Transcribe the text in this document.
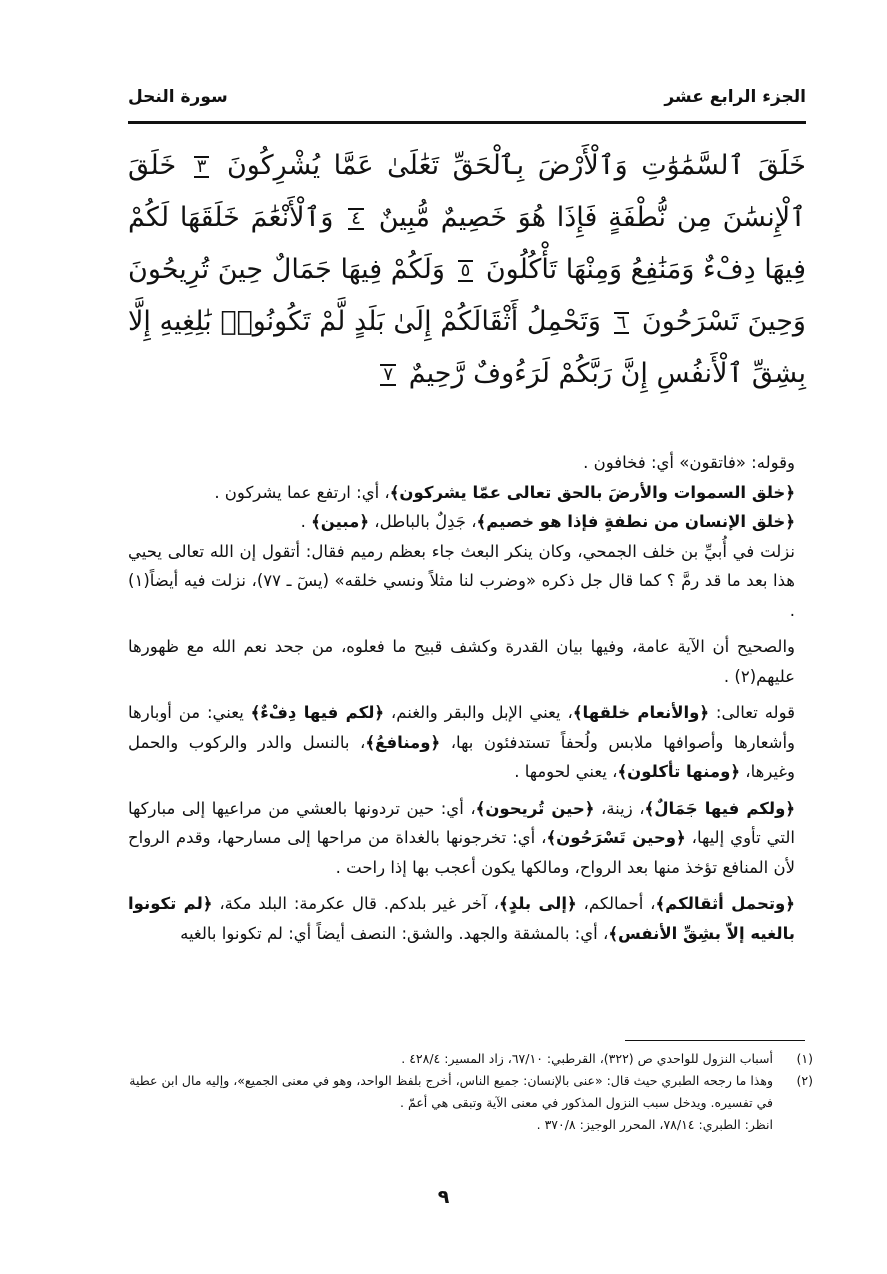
الجزء الرابع عشر
سورة النحل
خَلَقَ ٱلسَّمَٰوَٰتِ وَٱلْأَرْضَ بِٱلْحَقِّ تَعَٰلَىٰ عَمَّا يُشْرِكُونَ ٣ خَلَقَ ٱلْإِنسَٰنَ مِن نُّطْفَةٍ فَإِذَا هُوَ خَصِيمٌ مُّبِينٌ ٤ وَٱلْأَنْعَٰمَ خَلَقَهَا لَكُمْ فِيهَا دِفْءٌ وَمَنَٰفِعُ وَمِنْهَا تَأْكُلُونَ ٥ وَلَكُمْ فِيهَا جَمَالٌ حِينَ تُرِيحُونَ وَحِينَ تَسْرَحُونَ ٦ وَتَحْمِلُ أَثْقَالَكُمْ إِلَىٰ بَلَدٍ لَّمْ تَكُونُوا۟ بَٰلِغِيهِ إِلَّا بِشِقِّ ٱلْأَنفُسِ إِنَّ رَبَّكُمْ لَرَءُوفٌ رَّحِيمٌ ٧

وقوله: «فاتقون» أي: فخافون .

﴿خلق السموات والأرضَ بالحق تعالى عمّا يشركون﴾، أي: ارتفع عما يشركون .

﴿خلق الإنسان من نطفةٍ فإذا هو خصيم﴾، جَدِلٌ بالباطل، ﴿مبين﴾ .

نزلت في أُبيِّ بن خلف الجمحي، وكان ينكر البعث جاء بعظم رميم فقال: أتقول إن الله تعالى يحيي هذا بعد ما قد رمَّ ؟ كما قال جل ذكره «وضرب لنا مثلاً ونسي خلقه» (يسٓ ـ ٧٧)، نزلت فيه أيضاً(١) .

والصحيح أن الآية عامة، وفيها بيان القدرة وكشف قبيح ما فعلوه، من جحد نعم الله مع ظهورها عليهم(٢) .

قوله تعالى: ﴿والأنعام خلقها﴾، يعني الإبل والبقر والغنم، ﴿لكم فيها دِفْءٌ﴾ يعني: من أوبارها وأشعارها وأصوافها ملابس ولُحفاً تستدفئون بها، ﴿ومنافعُ﴾، بالنسل والدر والركوب والحمل وغيرها، ﴿ومنها تأكلون﴾، يعني لحومها .

﴿ولكم فيها جَمَالٌ﴾، زينة، ﴿حين تُريحون﴾، أي: حين تردونها بالعشي من مراعيها إلى مباركها التي تأوي إليها، ﴿وحين تَسْرَحُون﴾، أي: تخرجونها بالغداة من مراحها إلى مسارحها، وقدم الرواح لأن المنافع تؤخذ منها بعد الرواح، ومالكها يكون أعجب بها إذا راحت .

﴿وتحمل أثقالكم﴾، أحمالكم، ﴿إلى بلدٍ﴾، آخر غير بلدكم. قال عكرمة: البلد مكة، ﴿لم تكونوا بالغيه إلاّ بشِقِّ الأنفس﴾، أي: بالمشقة والجهد. والشق: النصف أيضاً أي: لم تكونوا بالغيه

(١)
أسباب النزول للواحدي ص (٣٢٢)، القرطبي: ٦٧/١٠، زاد المسير: ٤٢٨/٤ .
(٢)
وهذا ما رجحه الطبري حيث قال: «عنى بالإنسان: جميع الناس، أخرج بلفظ الواحد، وهو في معنى الجميع»، وإليه مال ابن عطية في تفسيره. ويدخل سبب النزول المذكور في معنى الآية وتبقى هي أعمّ .
انظر: الطبري: ٧٨/١٤، المحرر الوجيز: ٣٧٠/٨ .
٩
